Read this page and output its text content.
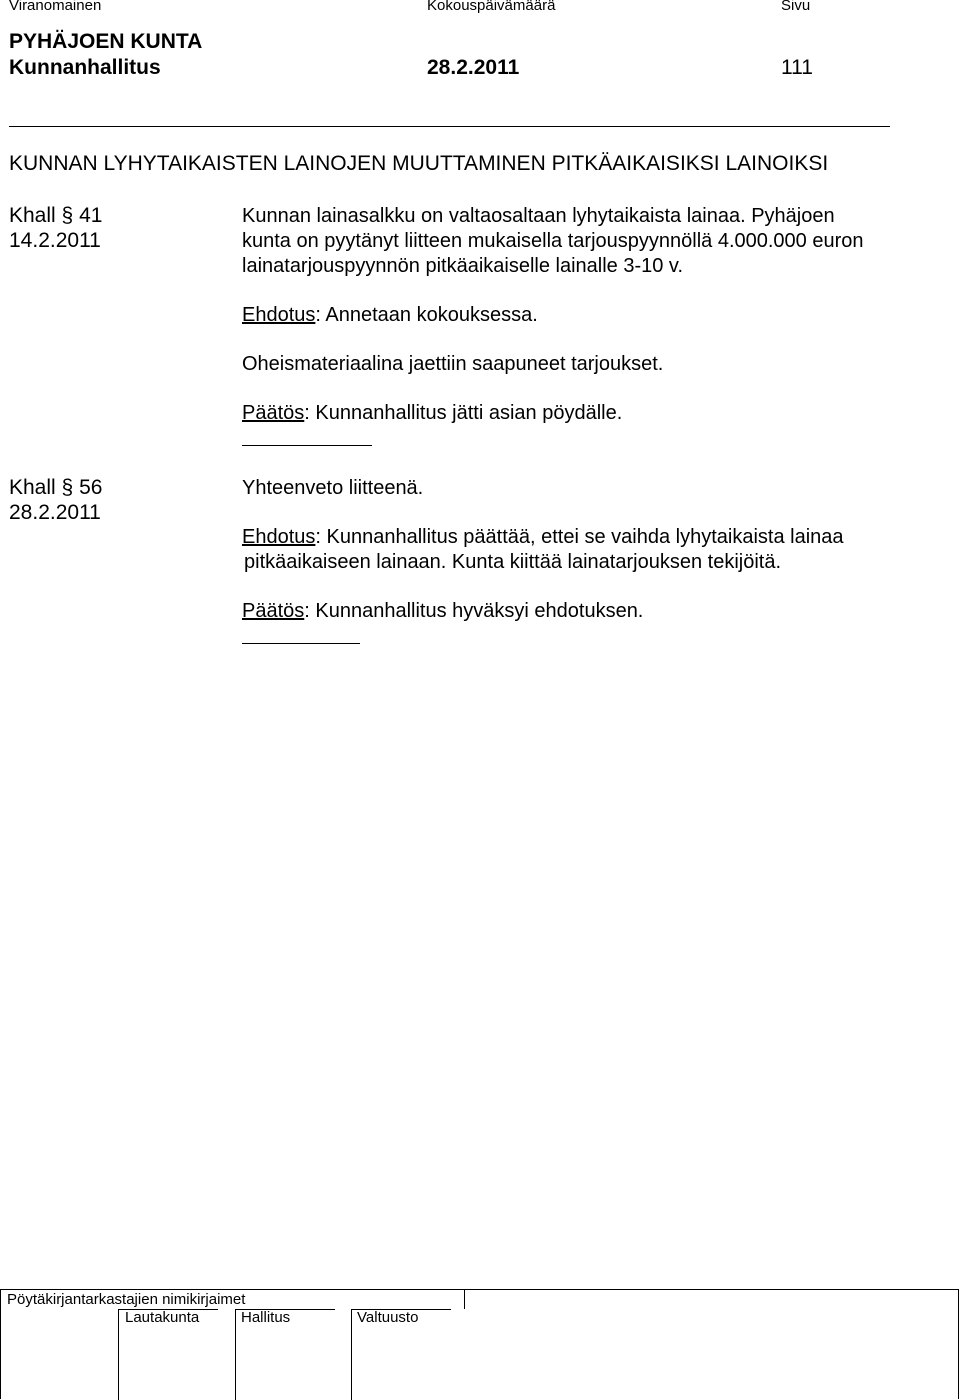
Viranomainen	Kokouspäivämäärä	Sivu
PYHÄJOEN KUNTA
Kunnanhallitus	28.2.2011	111
KUNNAN LYHYTAIKAISTEN LAINOJEN MUUTTAMINEN PITKÄAIKAISIKSI LAINOIKSI
Khall § 41
14.2.2011
Kunnan lainasalkku on valtaosaltaan lyhytaikaista lainaa. Pyhäjoen
kunta on pyytänyt liitteen mukaisella tarjouspyynnöllä 4.000.000 euron
lainatarjouspyynnön pitkäaikaiselle lainalle 3-10 v.
Ehdotus: Annetaan kokouksessa.
Oheismateriaalina jaettiin saapuneet tarjoukset.
Päätös: Kunnanhallitus jätti asian pöydälle.
Khall § 56
28.2.2011
Yhteenveto liitteenä.
Ehdotus: Kunnanhallitus päättää, ettei se vaihda lyhytaikaista lainaa
pitkäaikaiseen lainaan. Kunta kiittää lainatarjouksen tekijöitä.
Päätös: Kunnanhallitus hyväksyi ehdotuksen.
Pöytäkirjantarkastajien nimikirjaimet
Lautakunta	Hallitus	Valtuusto
